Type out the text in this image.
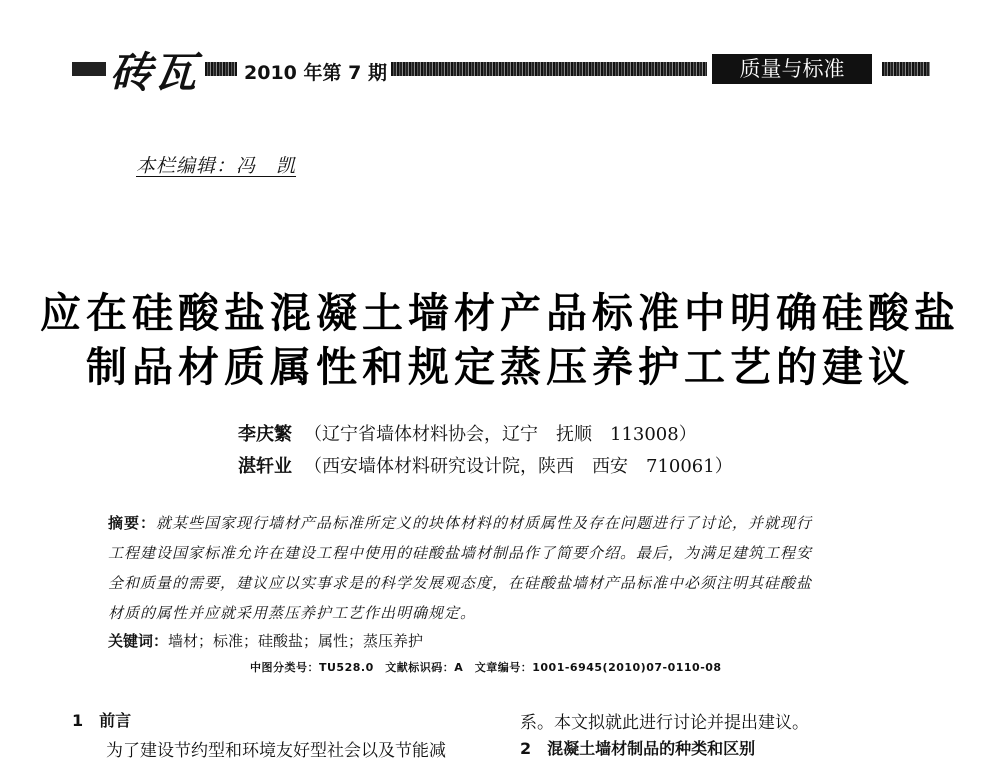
砖瓦 2010 年第 7 期	质量与标准
本栏编辑：冯　凯
应在硅酸盐混凝土墙材产品标准中明确硅酸盐
制品材质属性和规定蒸压养护工艺的建议
李庆繁 （辽宁省墙体材料协会，辽宁　抚顺　113008）
湛轩业 （西安墙体材料研究设计院，陕西　西安　710061）
摘要：就某些国家现行墙材产品标准所定义的块体材料的材质属性及存在问题进行了讨论，并就现行
工程建设国家标准允许在建设工程中使用的硅酸盐墙材制品作了简要介绍。最后，为满足建筑工程安
全和质量的需要，建议应以实事求是的科学发展观态度，在硅酸盐墙材产品标准中必须注明其硅酸盐
材质的属性并应就采用蒸压养护工艺作出明确规定。
关键词：墙材；标准；硅酸盐；属性；蒸压养护
中图分类号：TU528.0　文献标识码：A　文章编号：1001-6945(2010)07-0110-08
1　前言
为了建设节约型和环境友好型社会以及节能减
系。本文拟就此进行讨论并提出建议。
2　混凝土墙材制品的种类和区别
